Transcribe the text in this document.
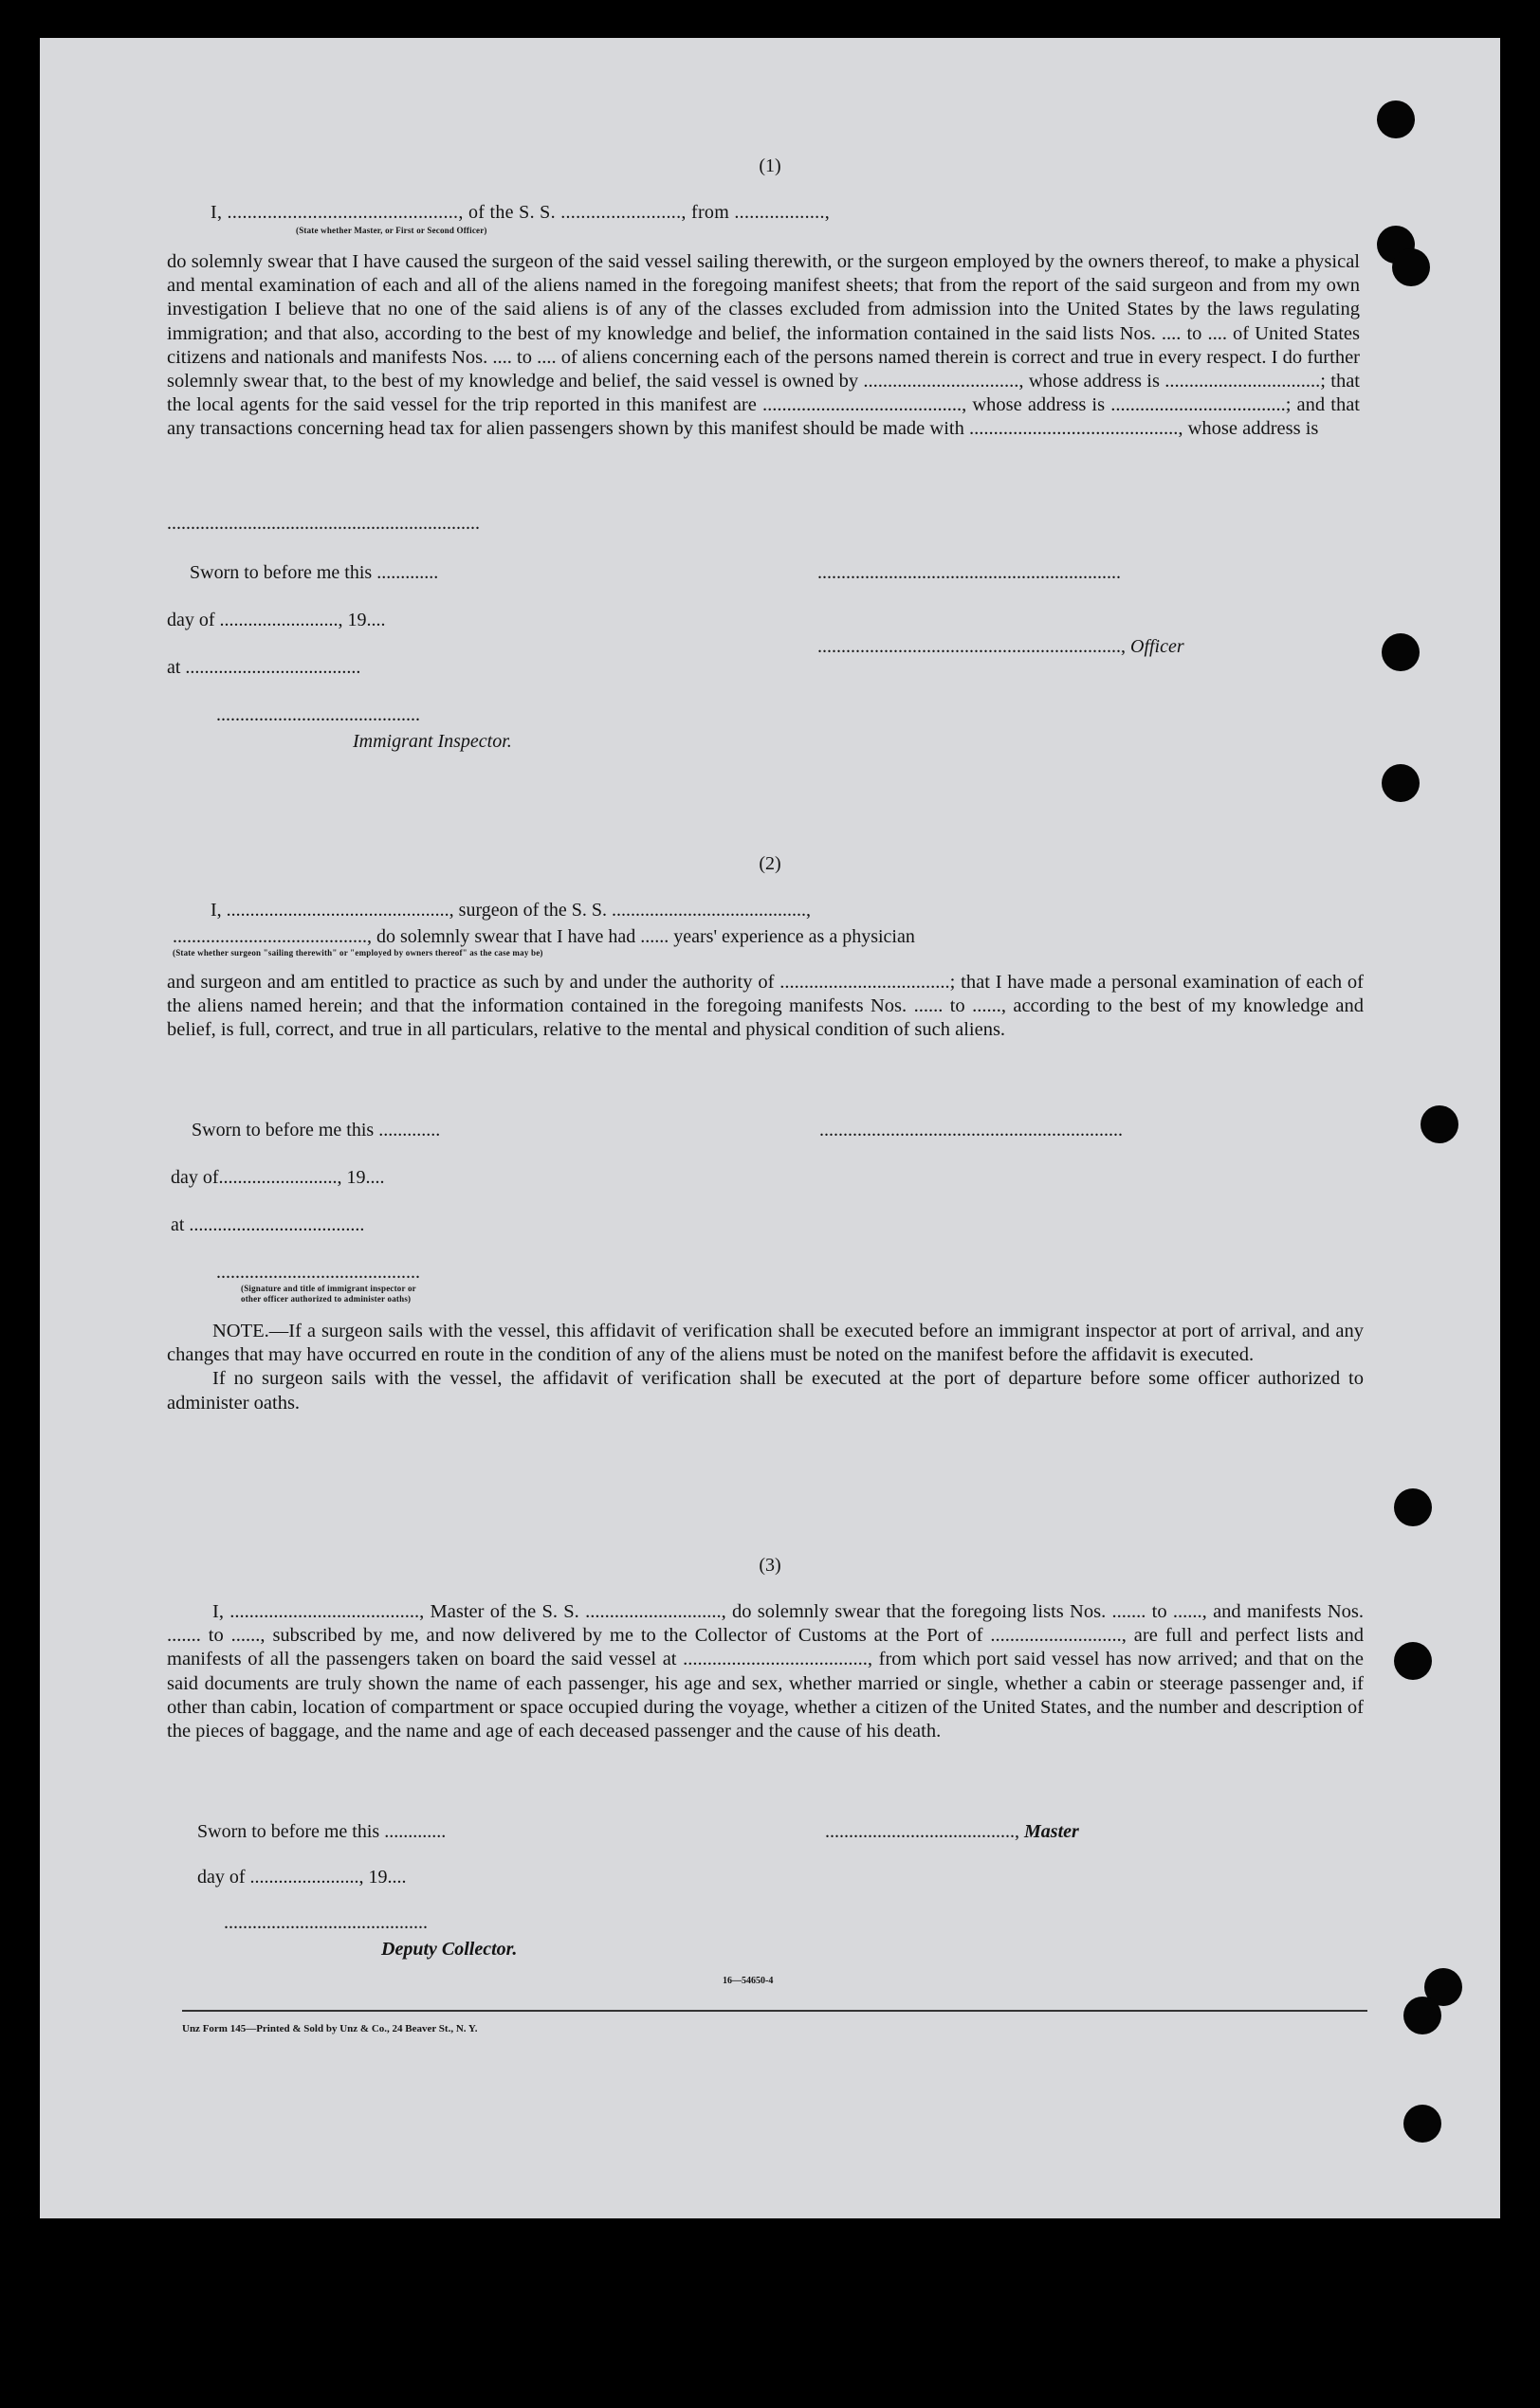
(1)
I, .............................................., of the S. S. ........................, from ..................,
(State whether Master, or First or Second Officer)

do solemnly swear that I have caused the surgeon of the said vessel sailing therewith, or the surgeon employed by the owners thereof, to make a physical and mental examination of each and all of the aliens named in the foregoing manifest sheets; that from the report of the said surgeon and from my own investigation I believe that no one of the said aliens is of any of the classes excluded from admission into the United States by the laws regulating immigration; and that also, according to the best of my knowledge and belief, the information contained in the said lists Nos. .... to .... of United States citizens and nationals and manifests Nos. .... to .... of aliens concerning each of the persons named therein is correct and true in every respect. I do further solemnly swear that, to the best of my knowledge and belief, the said vessel is owned by ................................, whose address is ................................; that the local agents for the said vessel for the trip reported in this manifest are ........................................., whose address is ....................................; and that any transactions concerning head tax for alien passengers shown by this manifest should be made with ..........................................., whose address is

..................................................................
Sworn to before me this .............	................................................................
day of ........................., 19....
................................................................, Officer
at .....................................
...........................................
Immigrant Inspector.
(2)
I, ..............................................., surgeon of the S. S. .........................................,
........................................., do solemnly swear that I have had ...... years' experience as a physician
(State whether surgeon "sailing therewith" or "employed by owners thereof" as the case may be)

and surgeon and am entitled to practice as such by and under the authority of ...................................; that I have made a personal examination of each of the aliens named herein; and that the information contained in the foregoing manifests Nos. ...... to ......, according to the best of my knowledge and belief, is full, correct, and true in all particulars, relative to the mental and physical condition of such aliens.

Sworn to before me this .............	................................................................
day of........................., 19....
at .....................................
...........................................
(Signature and title of immigrant inspector or
other officer authorized to administer oaths)

NOTE.—If a surgeon sails with the vessel, this affidavit of verification shall be executed before an immigrant inspector at port of arrival, and any changes that may have occurred en route in the condition of any of the aliens must be noted on the manifest before the affidavit is executed.

If no surgeon sails with the vessel, the affidavit of verification shall be executed at the port of departure before some officer authorized to administer oaths.

(3)

I, ......................................., Master of the S. S. ............................, do solemnly swear that the foregoing lists Nos. ....... to ......, and manifests Nos. ....... to ......, subscribed by me, and now delivered by me to the Collector of Customs at the Port of ..........................., are full and perfect lists and manifests of all the passengers taken on board the said vessel at ......................................, from which port said vessel has now arrived; and that on the said documents are truly shown the name of each passenger, his age and sex, whether married or single, whether a cabin or steerage passenger and, if other than cabin, location of compartment or space occupied during the voyage, whether a citizen of the United States, and the number and description of the pieces of baggage, and the name and age of each deceased passenger and the cause of his death.

Sworn to before me this .............	........................................, Master
day of ......................., 19....
...........................................
Deputy Collector.
16—54650-4
Unz Form 145—Printed & Sold by Unz & Co., 24 Beaver St., N. Y.
